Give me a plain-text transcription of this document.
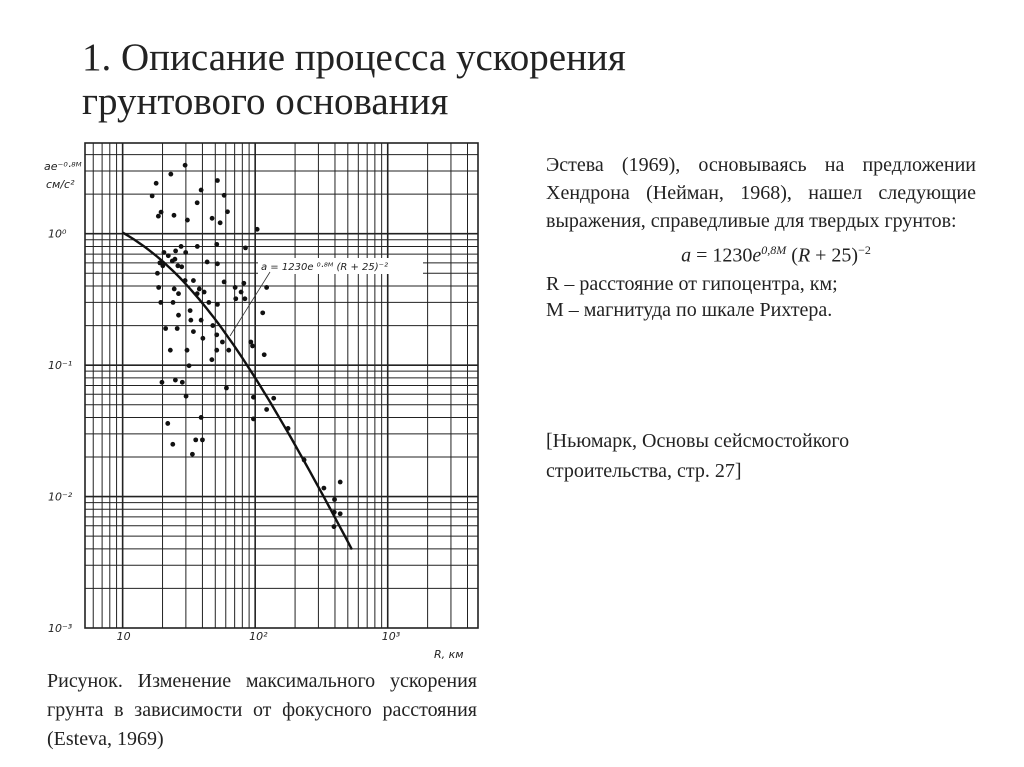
1. Описание процесса ускорения
грунтового основания
10	10²	10³
10⁰
10⁻¹
10⁻²
10⁻³
ae⁻⁰·⁸ᴹ
см/с²
R, км
a = 1230e ⁰·⁸ᴹ (R + 25)⁻²

Эстева (1969), основываясь на предложении Хендрона (Нейман, 1968), нашел следующие выражения, справедливые для твердых грунтов:

$a = 1230e^{0,8M}$ $(R + 25)^{-2}$
R – расстояние от гипоцентра, км;
М – магнитуда по шкале Рихтера.
[Ньюмарк, Основы сейсмостойкого строительства, стр. 27]
Рисунок. Изменение максимального ускорения грунта в зависимости от фокусного расстояния (Esteva, 1969)
